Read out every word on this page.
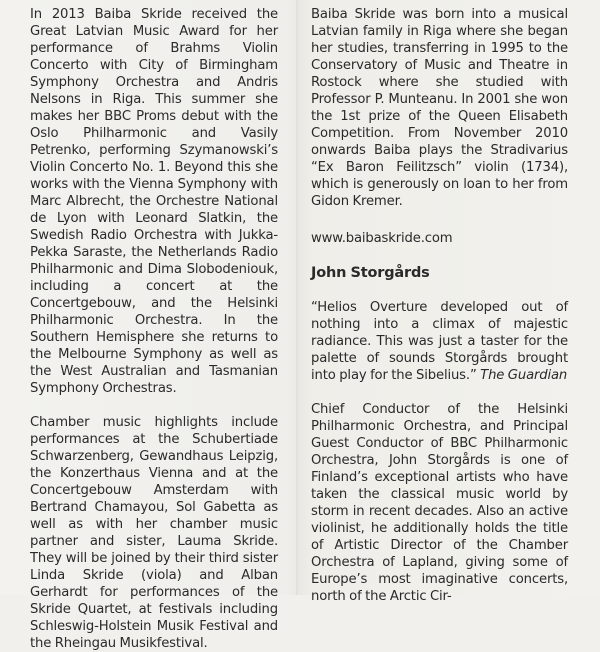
In 2013 Baiba Skride received the Great Latvian Music Award for her performance of Brahms Violin Concerto with City of Birmingham Symphony Orchestra and Andris Nelsons in Riga. This summer she makes her BBC Proms debut with the Oslo Philharmonic and Vasily Petrenko, performing Szymanowski’s Violin Concerto No. 1. Beyond this she works with the Vienna Symphony with Marc Albrecht, the Orchestre National de Lyon with Leonard Slatkin, the Swedish Radio Orchestra with Jukka-Pekka Saraste, the Netherlands Radio Philharmonic and Dima Slobodeniouk, including a concert at the Concertgebouw, and the Helsinki Philharmonic Orchestra. In the Southern Hemisphere she returns to the Melbourne Symphony as well as the West Australian and Tasmanian Symphony Orchestras.

Chamber music highlights include performances at the Schubertiade Schwarzenberg, Gewandhaus Leipzig, the Konzerthaus Vienna and at the Concertgebouw Amsterdam with Bertrand Chamayou, Sol Gabetta as well as with her chamber music partner and sister, Lauma Skride. They will be joined by their third sister Linda Skride (viola) and Alban Gerhardt for performances of the Skride Quartet, at festivals including Schleswig-Holstein Musik Festival and the Rheingau Musikfestival.

Baiba Skride was born into a musical Latvian family in Riga where she began her studies, transferring in 1995 to the Conservatory of Music and Theatre in Rostock where she studied with Professor P. Munteanu. In 2001 she won the 1st prize of the Queen Elisabeth Competition. From November 2010 onwards Baiba plays the Stradivarius “Ex Baron Feilitzsch” violin (1734), which is generously on loan to her from Gidon Kremer.

www.baibaskride.com

John Storgårds

“Helios Overture developed out of nothing into a climax of majestic radiance. This was just a taster for the palette of sounds Storgårds brought into play for the Sibelius.” The Guardian

Chief Conductor of the Helsinki Philharmonic Orchestra, and Principal Guest Conductor of BBC Philharmonic Orchestra, John Storgårds is one of Finland’s exceptional artists who have taken the classical music world by storm in recent decades. Also an active violinist, he additionally holds the title of Artistic Director of the Chamber Orchestra of Lapland, giving some of Europe’s most imaginative concerts, north of the Arctic Cir-
